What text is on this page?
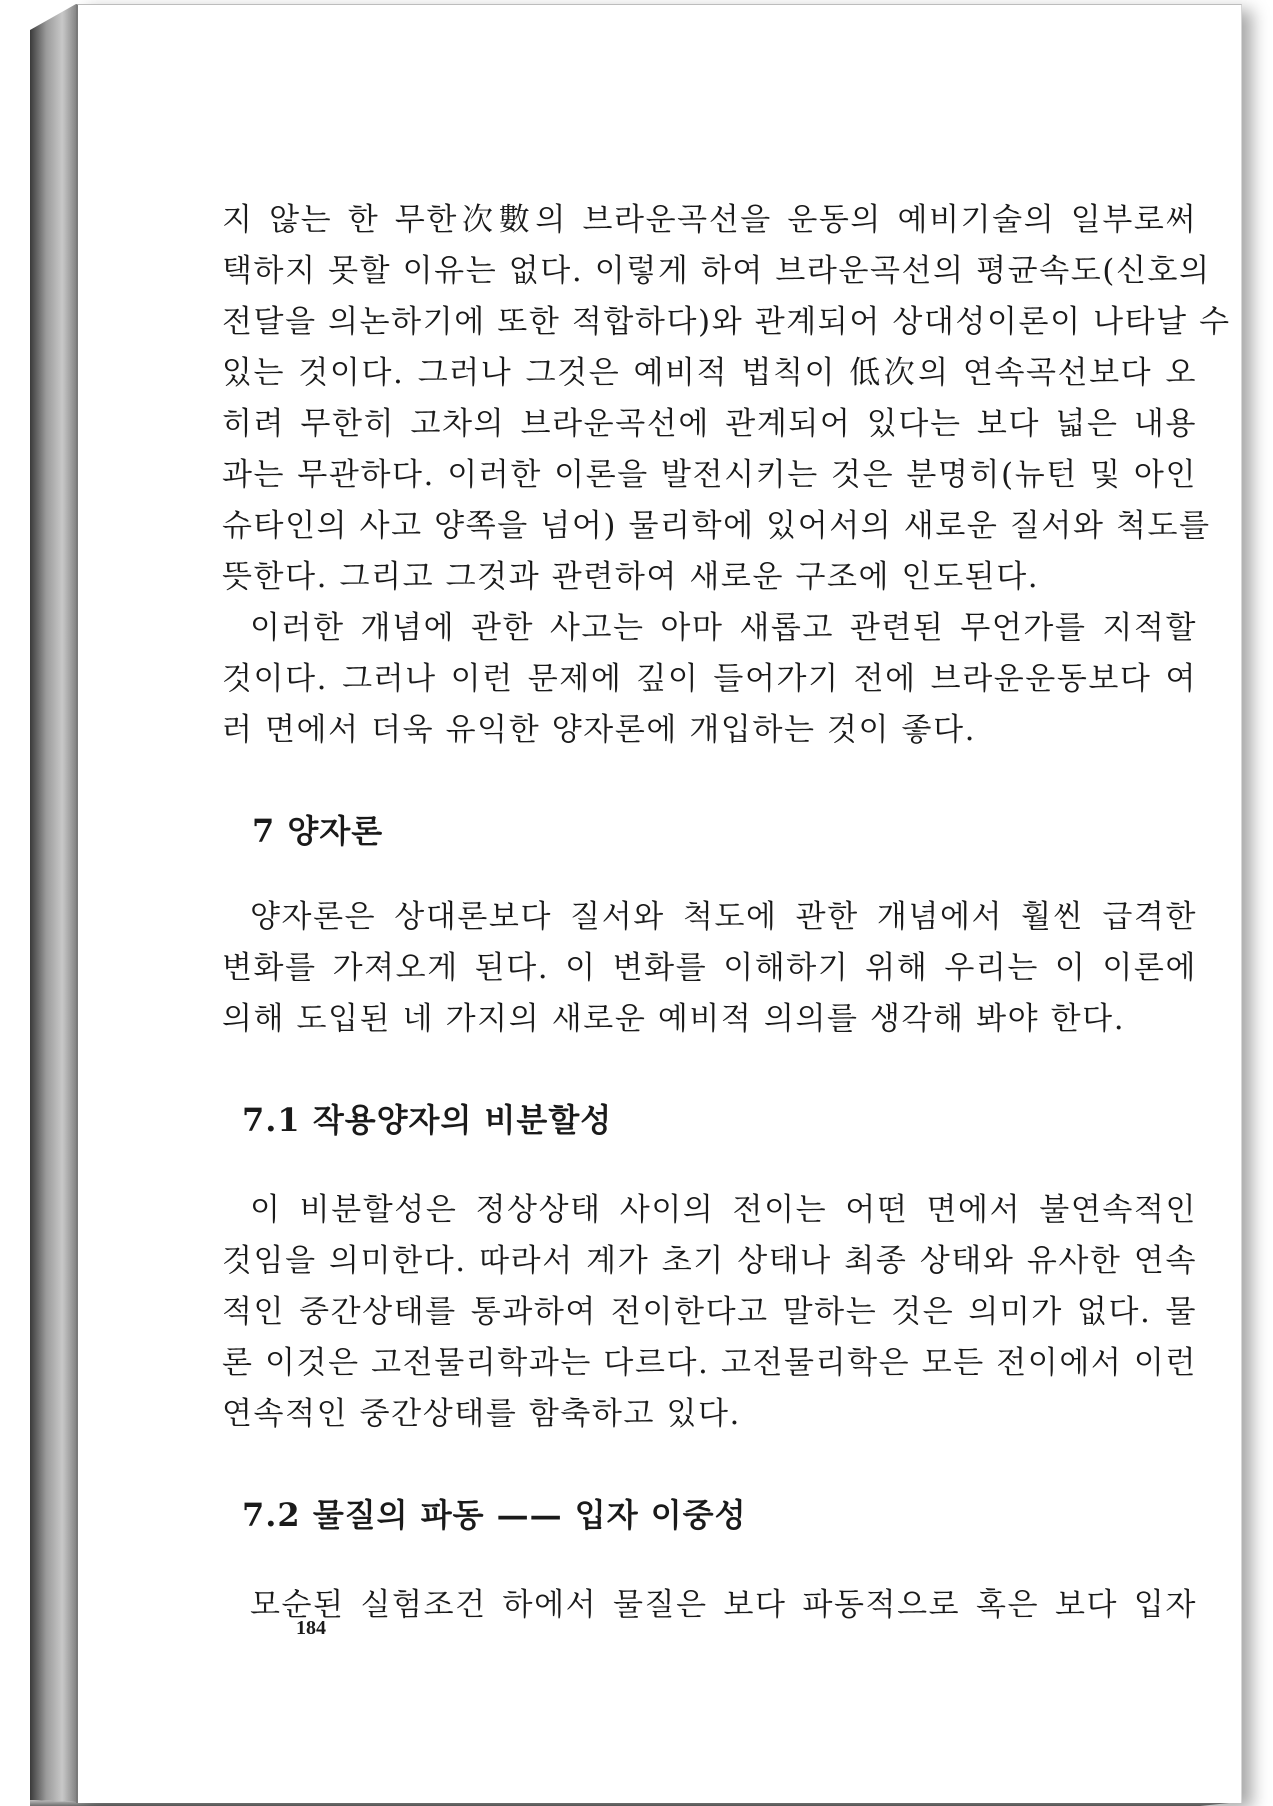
지 않는 한 무한次數의 브라운곡선을 운동의 예비기술의 일부로써
택하지 못할 이유는 없다. 이렇게 하여 브라운곡선의 평균속도(신호의
전달을 의논하기에 또한 적합하다)와 관계되어 상대성이론이 나타날 수
있는 것이다. 그러나 그것은 예비적 법칙이 低次의 연속곡선보다 오
히려 무한히 고차의 브라운곡선에 관계되어 있다는 보다 넓은 내용
과는 무관하다. 이러한 이론을 발전시키는 것은 분명히(뉴턴 및 아인
슈타인의 사고 양쪽을 넘어) 물리학에 있어서의 새로운 질서와 척도를
뜻한다. 그리고 그것과 관련하여 새로운 구조에 인도된다.
이러한 개념에 관한 사고는 아마 새롭고 관련된 무언가를 지적할
것이다. 그러나 이런 문제에 깊이 들어가기 전에 브라운운동보다 여
러 면에서 더욱 유익한 양자론에 개입하는 것이 좋다.
7 양자론
양자론은 상대론보다 질서와 척도에 관한 개념에서 훨씬 급격한
변화를 가져오게 된다. 이 변화를 이해하기 위해 우리는 이 이론에
의해 도입된 네 가지의 새로운 예비적 의의를 생각해 봐야 한다.
7.1 작용양자의 비분할성
이 비분할성은 정상상태 사이의 전이는 어떤 면에서 불연속적인
것임을 의미한다. 따라서 계가 초기 상태나 최종 상태와 유사한 연속
적인 중간상태를 통과하여 전이한다고 말하는 것은 의미가 없다. 물
론 이것은 고전물리학과는 다르다. 고전물리학은 모든 전이에서 이런
연속적인 중간상태를 함축하고 있다.
7.2 물질의 파동 —— 입자 이중성
모순된 실험조건 하에서 물질은 보다 파동적으로 혹은 보다 입자
184
